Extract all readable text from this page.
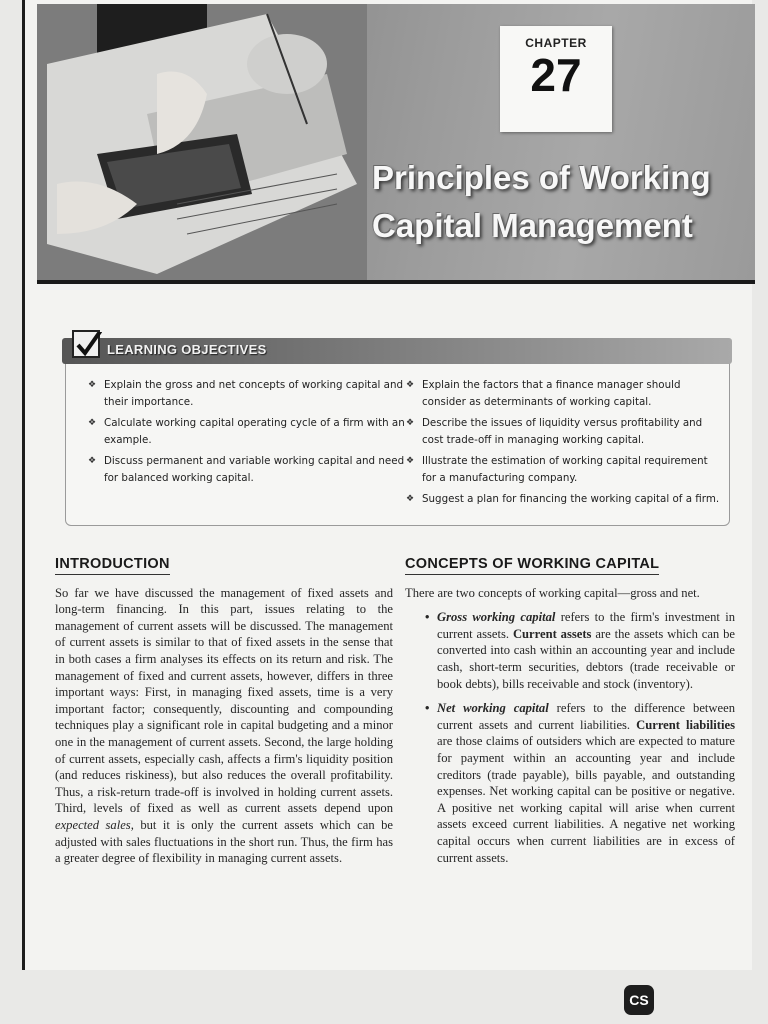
CHAPTER
27
Principles of Working
Capital Management
LEARNING OBJECTIVES
❖ Explain the gross and net concepts of working capital and their importance.
❖ Calculate working capital operating cycle of a firm with an example.
❖ Discuss permanent and variable working capital and need for balanced working capital.
❖ Explain the factors that a finance manager should consider as determinants of working capital.
❖ Describe the issues of liquidity versus profitability and cost trade-off in managing working capital.
❖ Illustrate the estimation of working capital requirement for a manufacturing company.
❖ Suggest a plan for financing the working capital of a firm.
INTRODUCTION

So far we have discussed the management of fixed assets and long-term financing. In this part, issues relating to the management of current assets will be discussed. The management of current assets is similar to that of fixed assets in the sense that in both cases a firm analyses its effects on its return and risk. The management of fixed and current assets, however, differs in three important ways: First, in managing fixed assets, time is a very important factor; consequently, discounting and compounding techniques play a significant role in capital budgeting and a minor one in the management of current assets. Second, the large holding of current assets, especially cash, affects a firm's liquidity position (and reduces riskiness), but also reduces the overall profitability. Thus, a risk-return trade-off is involved in holding current assets. Third, levels of fixed as well as current assets depend upon expected sales, but it is only the current assets which can be adjusted with sales fluctuations in the short run. Thus, the firm has a greater degree of flexibility in managing current assets.

CONCEPTS OF WORKING CAPITAL

There are two concepts of working capital—gross and net.

• Gross working capital refers to the firm's investment in current assets. Current assets are the assets which can be converted into cash within an accounting year and include cash, short-term securities, debtors (trade receivable or book debts), bills receivable and stock (inventory).
• Net working capital refers to the difference between current assets and current liabilities. Current liabilities are those claims of outsiders which are expected to mature for payment within an accounting year and include creditors (trade payable), bills payable, and outstanding expenses. Net working capital can be positive or negative. A positive net working capital will arise when current assets exceed current liabilities. A negative net working capital occurs when current liabilities are in excess of current assets.
CS
